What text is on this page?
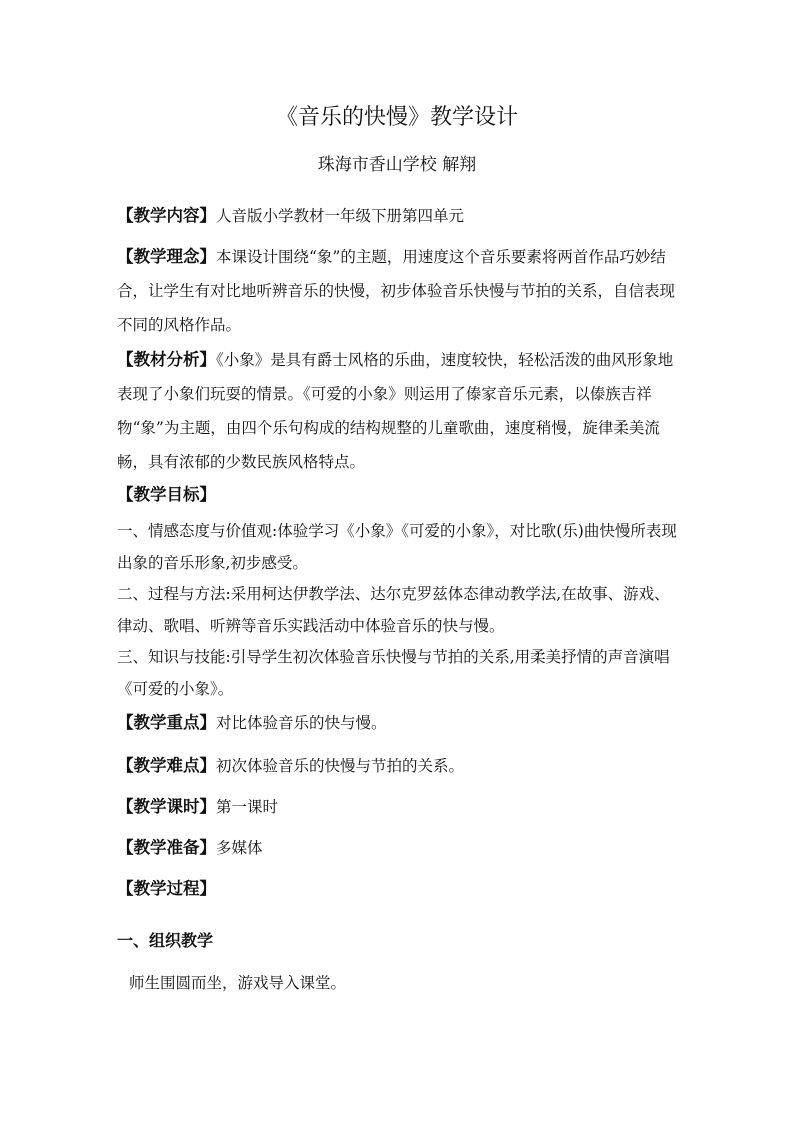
《音乐的快慢》教学设计
珠海市香山学校 解翔
【教学内容】人音版小学教材一年级下册第四单元
【教学理念】本课设计围绕“象”的主题，用速度这个音乐要素将两首作品巧妙结合，让学生有对比地听辨音乐的快慢，初步体验音乐快慢与节拍的关系，自信表现不同的风格作品。
【教材分析】《小象》是具有爵士风格的乐曲，速度较快，轻松活泼的曲风形象地表现了小象们玩耍的情景。《可爱的小象》则运用了傣家音乐元素，以傣族吉祥物“象”为主题，由四个乐句构成的结构规整的儿童歌曲，速度稍慢，旋律柔美流畅，具有浓郁的少数民族风格特点。
【教学目标】
一、情感态度与价值观:体验学习《小象》《可爱的小象》，对比歌(乐)曲快慢所表现出象的音乐形象,初步感受。
二、过程与方法:采用柯达伊教学法、达尔克罗兹体态律动教学法,在故事、游戏、律动、歌唱、听辨等音乐实践活动中体验音乐的快与慢。
三、知识与技能:引导学生初次体验音乐快慢与节拍的关系,用柔美抒情的声音演唱《可爱的小象》。
【教学重点】对比体验音乐的快与慢。
【教学难点】初次体验音乐的快慢与节拍的关系。
【教学课时】第一课时
【教学准备】多媒体
【教学过程】
一、组织教学
师生围圆而坐，游戏导入课堂。
